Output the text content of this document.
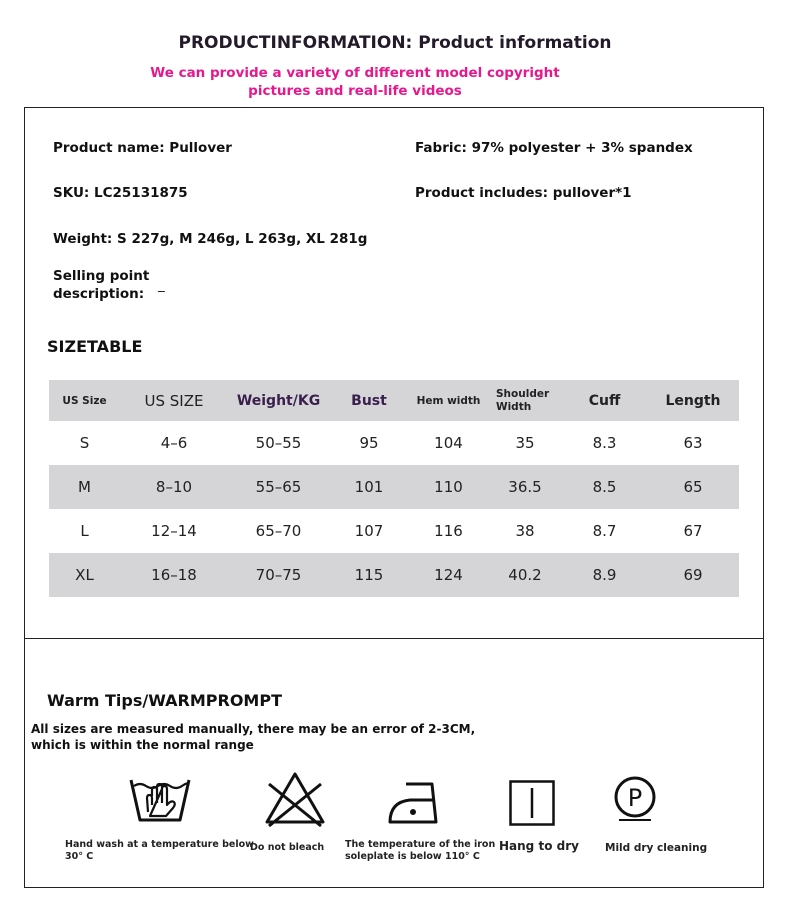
PRODUCTINFORMATION: Product information
We can provide a variety of different model copyright
pictures and real-life videos
Product name: Pullover	Fabric: 97% polyester + 3% spandex
SKU: LC25131875	Product includes: pullover*1
Weight: S 227g, M 246g, L 263g, XL 281g
Selling point
description:
_
SIZETABLE
US Size	US SIZE	Weight/KG	Bust	Hem width	Shoulder Width	Cuff	Length
S	4–6	50–55	95	104	35	8.3	63
M	8–10	55–65	101	110	36.5	8.5	65
L	12–14	65–70	107	116	38	8.7	67
XL	16–18	70–75	115	124	40.2	8.9	69
Warm Tips/WARMPROMPT
All sizes are measured manually, there may be an error of 2-3CM,
which is within the normal range
Hand wash at a temperature below
30° C
Do not bleach The temperature of the iron
soleplate is below 110° C
Hang to dry
P
Mild dry cleaning
